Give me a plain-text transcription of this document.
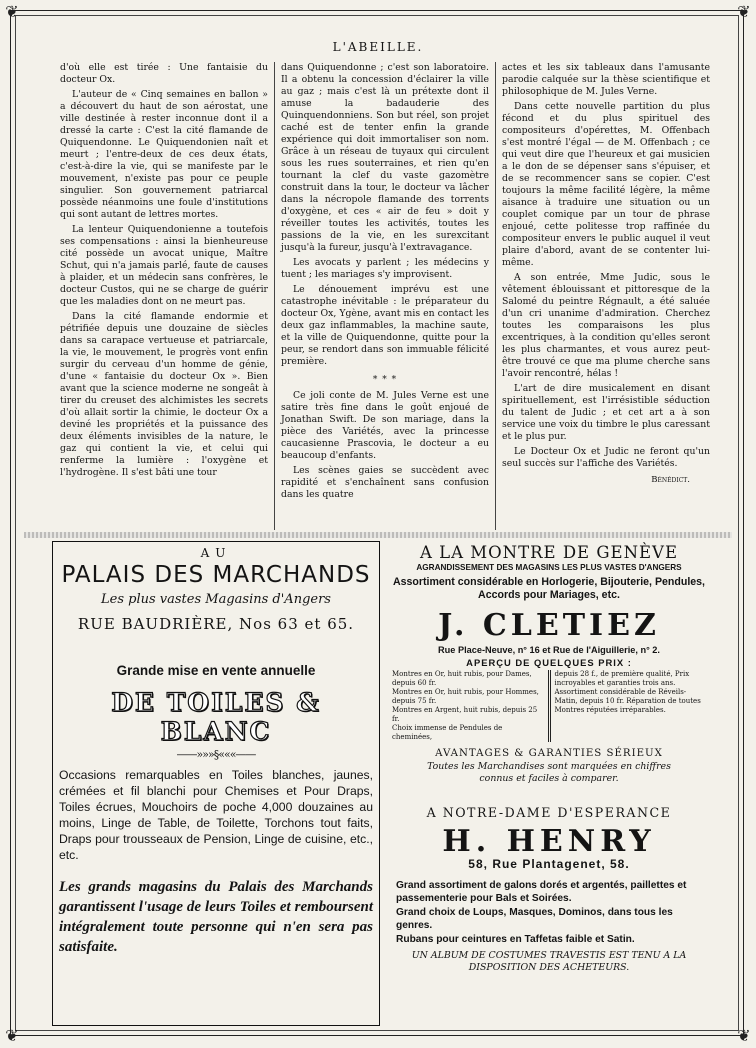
❦	❦
❦	❦
L'ABEILLE.

d'où elle est tirée : Une fantaisie du docteur Ox.

L'auteur de « Cinq semaines en ballon » a découvert du haut de son aérostat, une ville destinée à rester inconnue dont il a dressé la carte : C'est la cité flamande de Quiquendonne. Le Quiquendonien naît et meurt ; l'entre-deux de ces deux états, c'est-à-dire la vie, qui se manifeste par le mouvement, n'existe pas pour ce peuple singulier. Son gouvernement patriarcal possède néanmoins une foule d'institutions qui sont autant de lettres mortes.

La lenteur Quiquendonienne a toutefois ses compensations : ainsi la bienheureuse cité possède un avocat unique, Maître Schut, qui n'a jamais parlé, faute de causes à plaider, et un médecin sans confrères, le docteur Custos, qui ne se charge de guérir que les maladies dont on ne meurt pas.

Dans la cité flamande endormie et pétrifiée depuis une douzaine de siècles dans sa carapace vertueuse et patriarcale, la vie, le mouvement, le progrès vont enfin surgir du cerveau d'un homme de génie, d'une « fantaisie du docteur Ox ». Bien avant que la science moderne ne songeât à tirer du creuset des alchimistes les secrets d'où allait sortir la chimie, le docteur Ox a deviné les propriétés et la puissance des deux éléments invisibles de la nature, le gaz qui contient la vie, et celui qui renferme la lumière : l'oxygène et l'hydrogène. Il s'est bâti une tour

dans Quiquendonne ; c'est son laboratoire. Il a obtenu la concession d'éclairer la ville au gaz ; mais c'est là un prétexte dont il amuse la badauderie des Quinquendonniens. Son but réel, son projet caché est de tenter enfin la grande expérience qui doit immortaliser son nom. Grâce à un réseau de tuyaux qui circulent sous les rues souterraines, et rien qu'en tournant la clef du vaste gazomètre construit dans la tour, le docteur va lâcher dans la nécropole flamande des torrents d'oxygène, et ces « air de feu » doit y réveiller toutes les activités, toutes les passions de la vie, en les surexcitant jusqu'à la fureur, jusqu'à l'extravagance.

Les avocats y parlent ; les médecins y tuent ; les mariages s'y improvisent.

Le dénouement imprévu est une catastrophe inévitable : le préparateur du docteur Ox, Ygène, avant mis en contact les deux gaz inflammables, la machine saute, et la ville de Quiquendonne, quitte pour la peur, se rendort dans son immuable félicité première.

* * *

Ce joli conte de M. Jules Verne est une satire très fine dans le goût enjoué de Jonathan Swift. De son mariage, dans la pièce des Variétés, avec la princesse caucasienne Prascovia, le docteur a eu beaucoup d'enfants.

Les scènes gaies se succèdent avec rapidité et s'enchaînent sans confusion dans les quatre

actes et les six tableaux dans l'amusante parodie calquée sur la thèse scientifique et philosophique de M. Jules Verne.

Dans cette nouvelle partition du plus fécond et du plus spirituel des compositeurs d'opérettes, M. Offenbach s'est montré l'égal — de M. Offenbach ; ce qui veut dire que l'heureux et gai musicien a le don de se dépenser sans s'épuiser, et de se recommencer sans se copier. C'est toujours la même facilité légère, la même aisance à traduire une situation ou un couplet comique par un tour de phrase enjoué, cette politesse trop raffinée du compositeur envers le public auquel il veut plaire d'abord, avant de se contenter lui-même.

A son entrée, Mme Judic, sous le vêtement éblouissant et pittoresque de la Salomé du peintre Régnault, a été saluée d'un cri unanime d'admiration. Cherchez toutes les comparaisons les plus excentriques, à la condition qu'elles seront les plus charmantes, et vous aurez peut-être trouvé ce que ma plume cherche sans l'avoir rencontré, hélas !

L'art de dire musicalement en disant spirituellement, est l'irrésistible séduction du talent de Judic ; et cet art a à son service une voix du timbre le plus caressant et le plus pur.

Le Docteur Ox et Judic ne feront qu'un seul succès sur l'affiche des Variétés.

Bénédict.
AU
PALAIS DES MARCHANDS
Les plus vastes Magasins d'Angers
RUE BAUDRIÈRE, Nos 63 et 65.
Grande mise en vente annuelle
DE TOILES & BLANC
——»»»§«««——
Occasions remarquables en Toiles blanches, jaunes, crémées et fil blanchi pour Chemises et Pour Draps, Toiles écrues, Mouchoirs de poche 4,000 douzaines au moins, Linge de Table, de Toilette, Torchons tout faits, Draps pour trousseaux de Pension, Linge de cuisine, etc., etc.
Les grands magasins du Palais des Marchands garantissent l'usage de leurs Toiles et remboursent intégralement toute personne qui n'en sera pas satisfaite.
A LA MONTRE DE GENÈVE
AGRANDISSEMENT DES MAGASINS LES PLUS VASTES D'ANGERS
Assortiment considérable en Horlogerie, Bijouterie, Pendules, Accords pour Mariages, etc.
J. CLETIEZ
Rue Place-Neuve, n° 16 et Rue de l'Aiguillerie, n° 2.
APERÇU DE QUELQUES PRIX :
Montres en Or, huit rubis, pour Dames, depuis 60 fr.
Montres en Or, huit rubis, pour Hommes, depuis 75 fr.
Montres en Argent, huit rubis, depuis 25 fr.
Choix immense de Pendules de cheminées,
depuis 28 f., de première qualité, Prix incroyables et garanties trois ans.
Assortiment considérable de Réveils-Matin, depuis 10 fr. Réparation de toutes Montres réputées irréparables.
AVANTAGES & GARANTIES SÉRIEUX
Toutes les Marchandises sont marquées en chiffres connus et faciles à comparer.
A NOTRE-DAME D'ESPERANCE
H. HENRY
58, Rue Plantagenet, 58.
Grand assortiment de galons dorés et argentés, paillettes et passementerie pour Bals et Soirées.
Grand choix de Loups, Masques, Dominos, dans tous les genres.
Rubans pour ceintures en Taffetas faible et Satin.
UN ALBUM DE COSTUMES TRAVESTIS EST TENU A LA DISPOSITION DES ACHETEURS.
